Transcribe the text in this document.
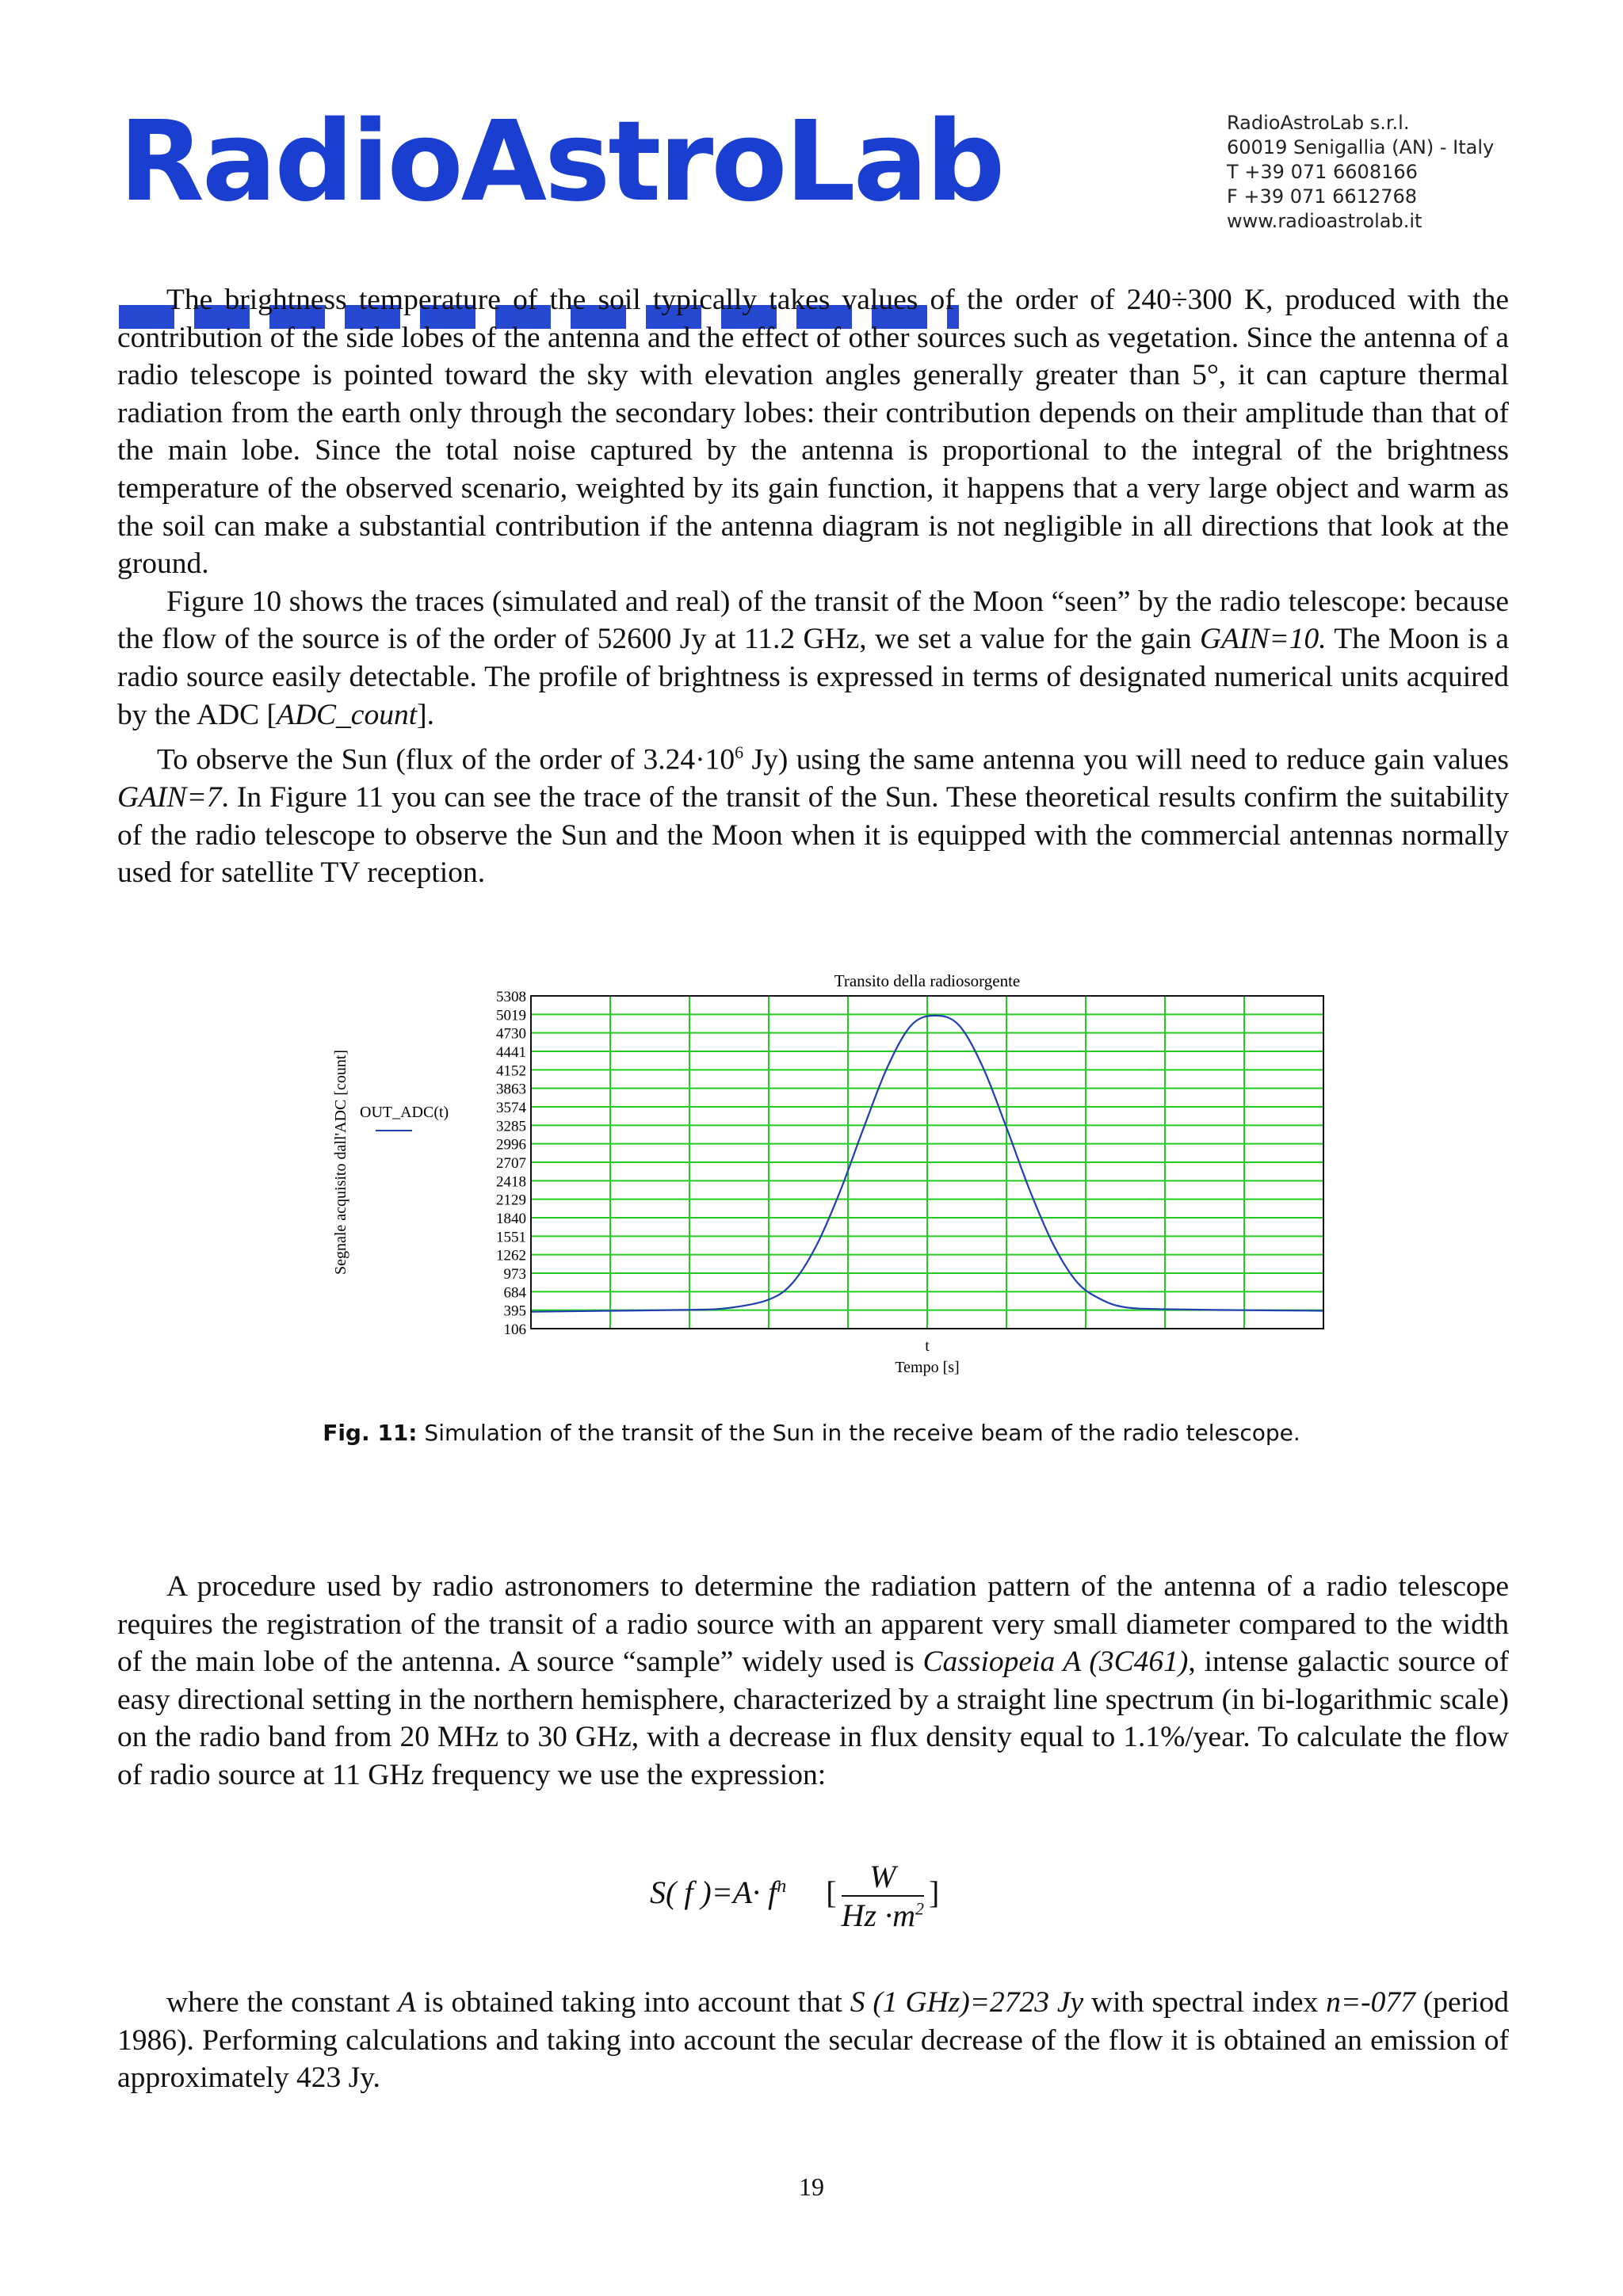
RadioAstroLab	RadioAstroLab s.r.l.
60019 Senigallia (AN) - Italy
T +39 071 6608166
F +39 071 6612768
www.radioastrolab.it

The brightness temperature of the soil typically takes values of the order of 240÷300 K, produced with the contribution of the side lobes of the antenna and the effect of other sources such as vegetation. Since the antenna of a radio telescope is pointed toward the sky with elevation angles generally greater than 5°, it can capture thermal radiation from the earth only through the secondary lobes: their contribution depends on their amplitude than that of the main lobe. Since the total noise captured by the antenna is proportional to the integral of the brightness temperature of the observed scenario, weighted by its gain function, it happens that a very large object and warm as the soil can make a substantial contribution if the antenna diagram is not negligible in all directions that look at the ground.

Figure 10 shows the traces (simulated and real) of the transit of the Moon “seen” by the radio telescope: because the flow of the source is of the order of 52600 Jy at 11.2 GHz, we set a value for the gain GAIN=10. The Moon is a radio source easily detectable. The profile of brightness is expressed in terms of designated numerical units acquired by the ADC [ADC_count].

To observe the Sun (flux of the order of $3.24\cdot 10^6$ Jy) using the same antenna you will need to reduce gain values GAIN=7. In Figure 11 you can see the trace of the transit of the Sun. These theoretical results confirm the suitability of the radio telescope to observe the Sun and the Moon when it is equipped with the commercial antennas normally used for satellite TV reception.

5308
5019
4730
4441
4152
3863
3574
3285
2996
2707
2418
2129
1840
1551
1262
973
684
395
106
Transito della radiosorgente
t
Tempo [s]
Segnale acquisito dall'ADC [count] OUT_ADC(t)
Fig. 11: Simulation of the transit of the Sun in the receive beam of the radio telescope.

A procedure used by radio astronomers to determine the radiation pattern of the antenna of a radio telescope requires the registration of the transit of a radio source with an apparent very small diameter compared to the width of the main lobe of the antenna. A source “sample” widely used is Cassiopeia A (3C461), intense galactic source of easy directional setting in the northern hemisphere, characterized by a straight line spectrum (in bi-logarithmic scale) on the radio band from 20 MHz to 30 GHz, with a decrease in flux density equal to 1.1%/year. To calculate the flow of radio source at 11 GHz frequency we use the expression:

S( f )$=A\cdot f^n$ [ $\frac{W}{Hz \cdot m^2}$ ]

where the constant A is obtained taking into account that S (1 GHz)=2723 Jy with spectral index n=-077 (period 1986). Performing calculations and taking into account the secular decrease of the flow it is obtained an emission of approximately 423 Jy.

19
